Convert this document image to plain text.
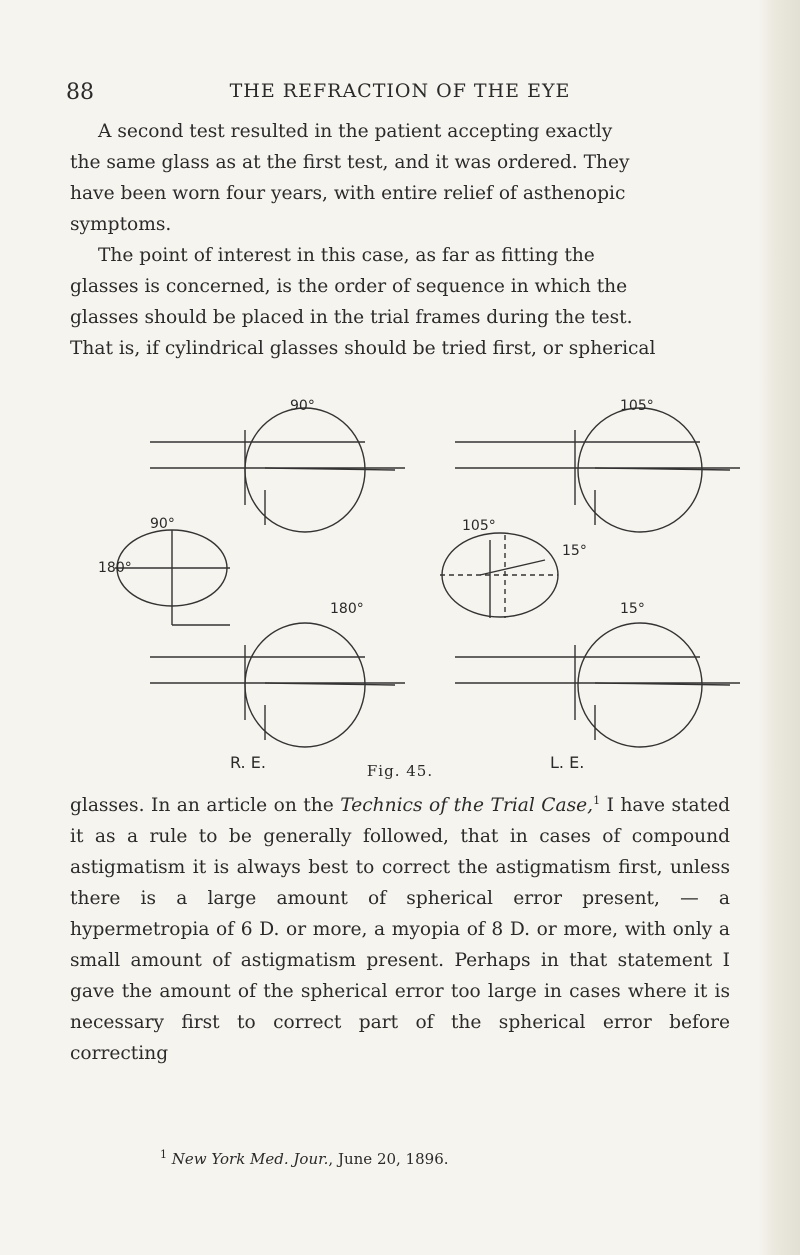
88	THE REFRACTION OF THE EYE
A second test resulted in the patient accepting exactly
the same glass as at the first test, and it was ordered. They
have been worn four years, with entire relief of asthenopic
symptoms.
The point of interest in this case, as far as fitting the
glasses is concerned, is the order of sequence in which the
glasses should be placed in the trial frames during the test.
That is, if cylindrical glasses should be tried first, or spherical
90°
90°
180°
180°
105°
105°
15°
15°
R. E.	L. E.
Fig. 45.
glasses. In an article on the Technics of the Trial Case,$^1$ I have stated it as a rule to be generally followed, that in cases of compound astigmatism it is always best to correct the astigmatism first, unless there is a large amount of spherical error present, — a hypermetropia of 6 D. or more, a myopia of 8 D. or more, with only a small amount of astigmatism present. Perhaps in that statement I gave the amount of the spherical error too large in cases where it is necessary first to correct part of the spherical error before correcting
$^1$ New York Med. Jour., June 20, 1896.
